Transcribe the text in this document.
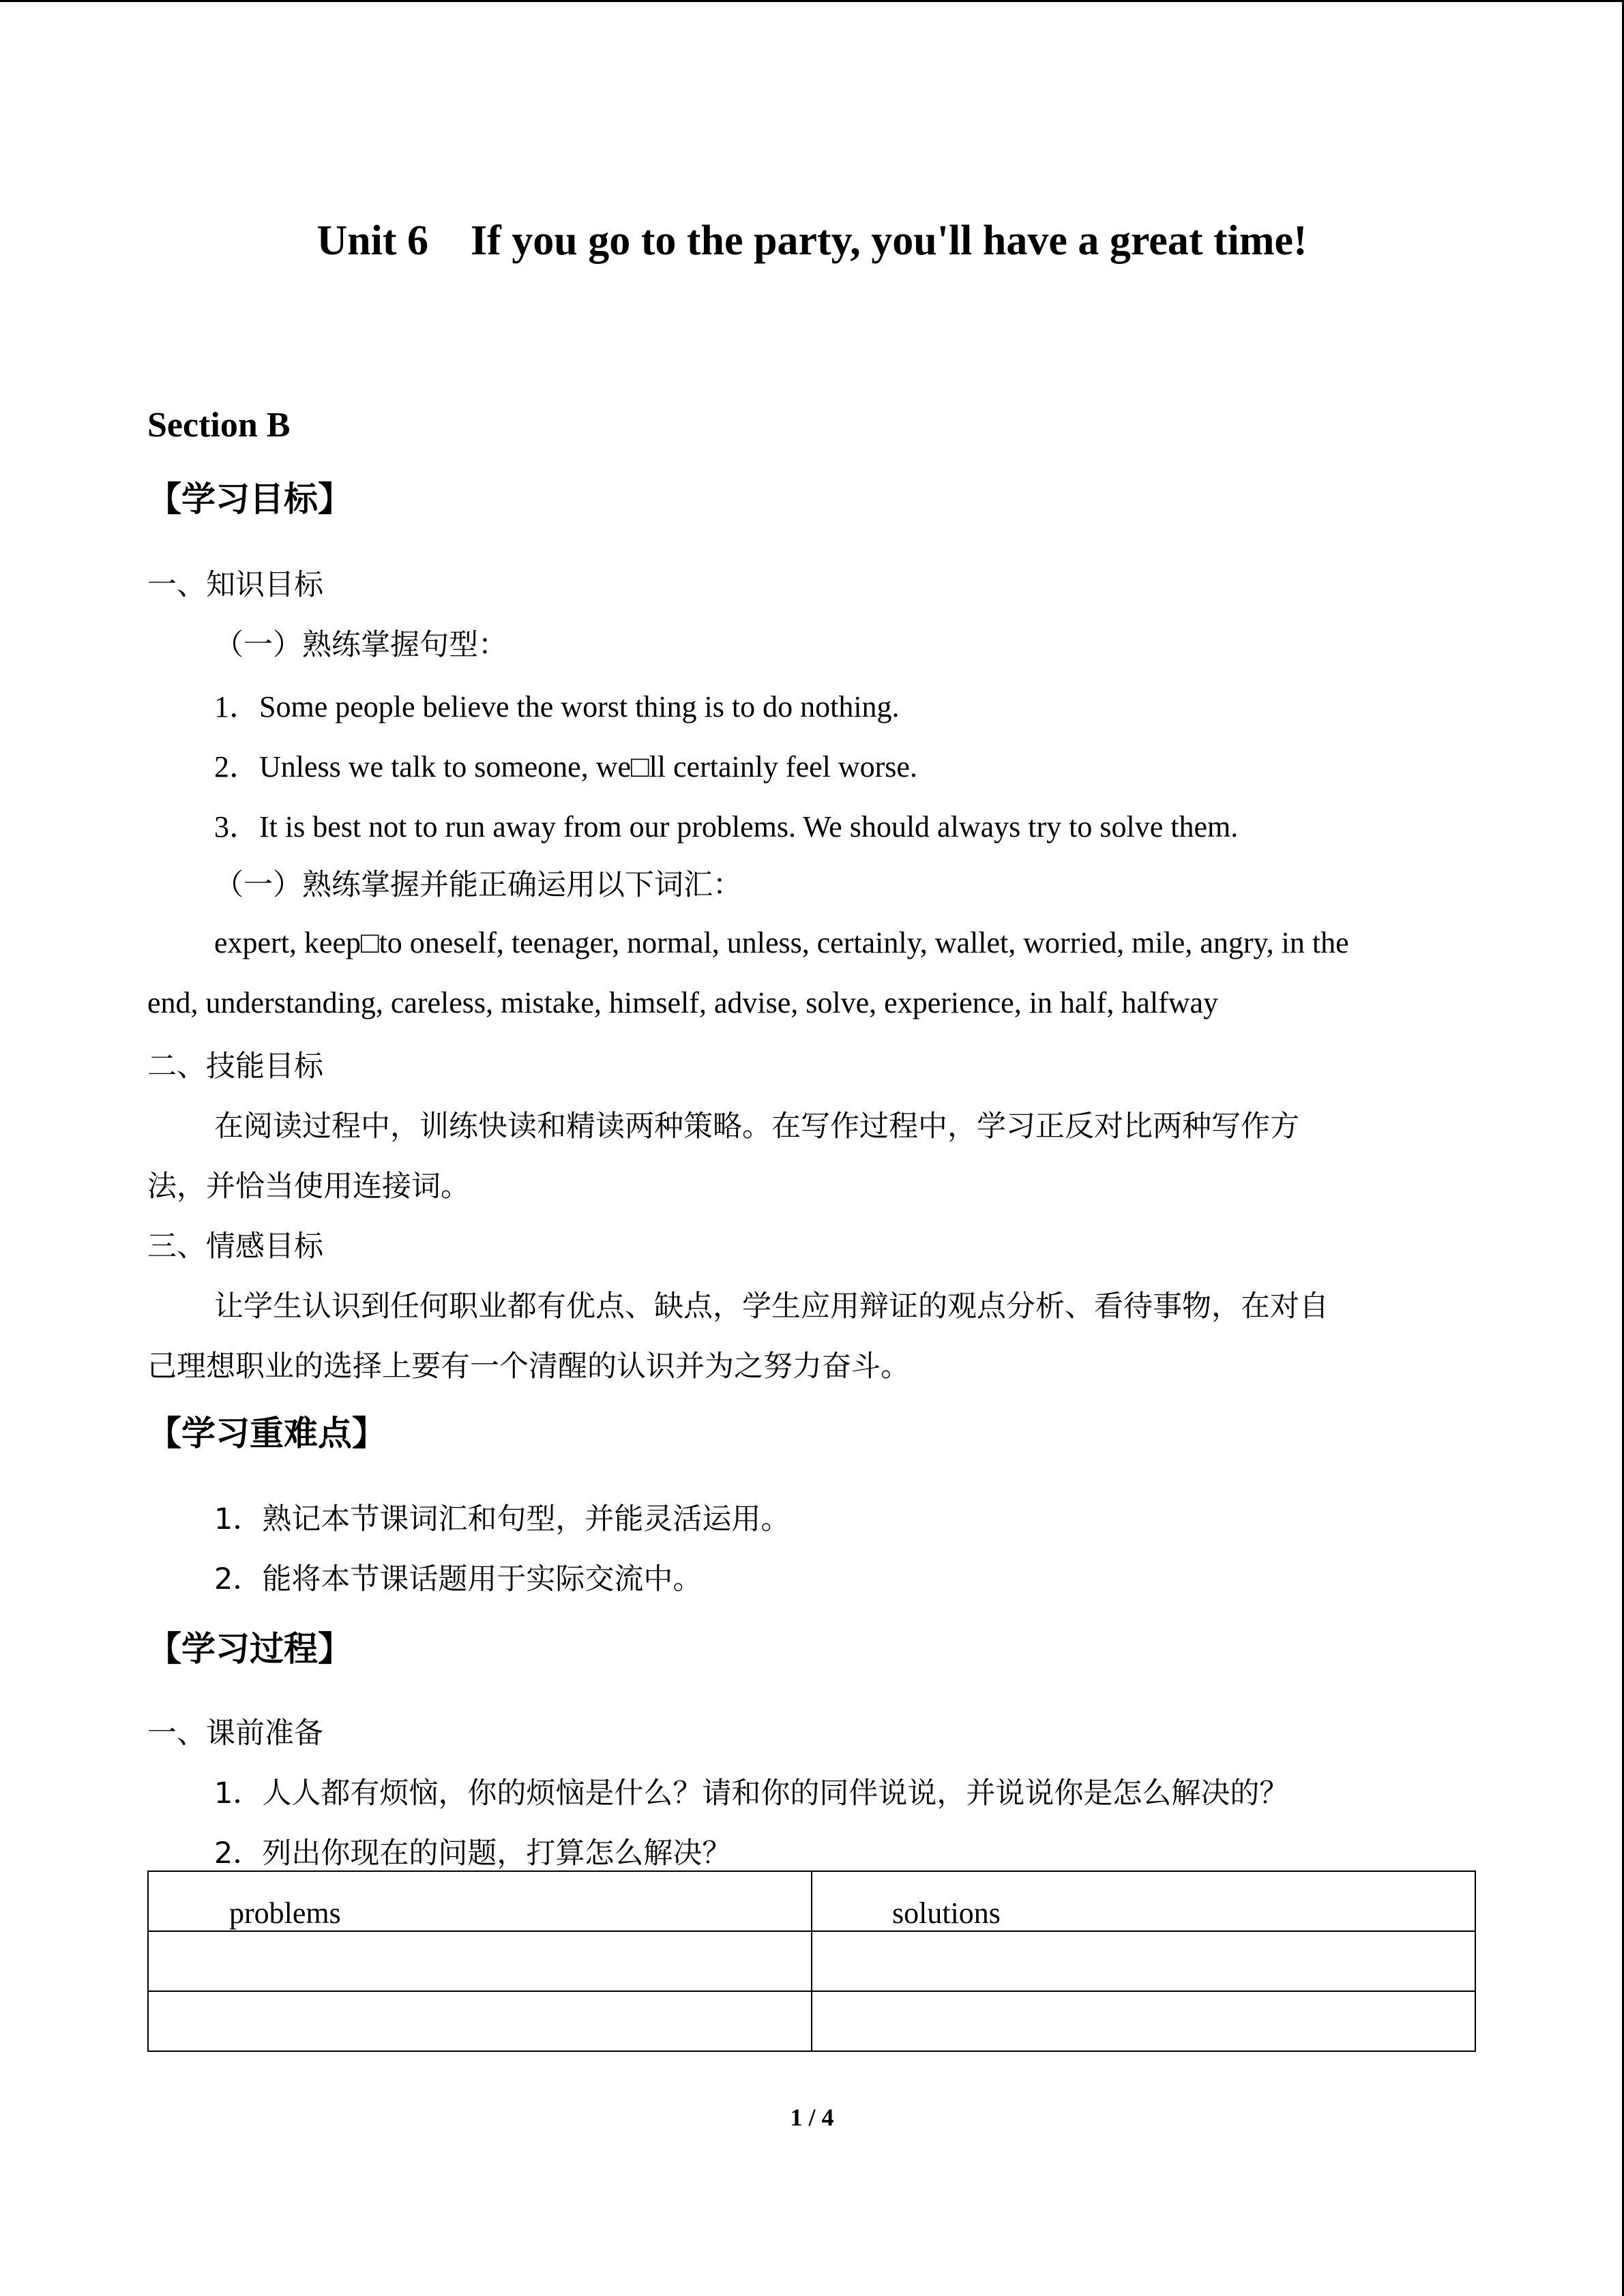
Unit 6    If you go to the party, you'll have a great time!
Section B
【学习目标】
一、知识目标
（一）熟练掌握句型：
1．Some people believe the worst thing is to do nothing.
2．Unless we talk to someone, we□ll certainly feel worse.
3．It is best not to run away from our problems. We should always try to solve them.
（一）熟练掌握并能正确运用以下词汇：
expert, keep□to oneself, teenager, normal, unless, certainly, wallet, worried, mile, angry, in the
end, understanding, careless, mistake, himself, advise, solve, experience, in half, halfway
二、技能目标
在阅读过程中，训练快读和精读两种策略。在写作过程中，学习正反对比两种写作方
法，并恰当使用连接词。
三、情感目标
让学生认识到任何职业都有优点、缺点，学生应用辩证的观点分析、看待事物，在对自
己理想职业的选择上要有一个清醒的认识并为之努力奋斗。
【学习重难点】
1．熟记本节课词汇和句型，并能灵活运用。
2．能将本节课话题用于实际交流中。
【学习过程】
一、课前准备
1．人人都有烦恼，你的烦恼是什么？请和你的同伴说说，并说说你是怎么解决的？
2．列出你现在的问题，打算怎么解决？
problems	solutions

1 / 4
